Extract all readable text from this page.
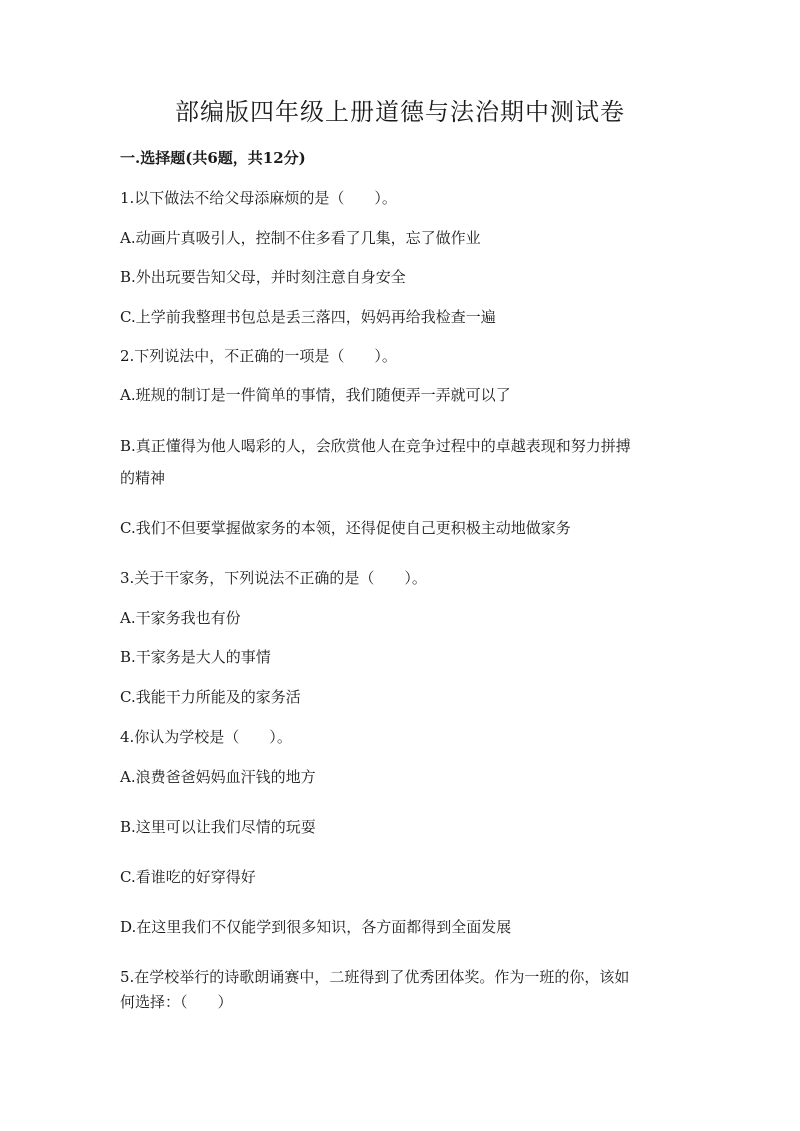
部编版四年级上册道德与法治期中测试卷
一.选择题(共6题，共12分)
1.以下做法不给父母添麻烦的是（　　）。
A.动画片真吸引人，控制不住多看了几集，忘了做作业
B.外出玩要告知父母，并时刻注意自身安全
C.上学前我整理书包总是丢三落四，妈妈再给我检查一遍
2.下列说法中，不正确的一项是（　　）。
A.班规的制订是一件简单的事情，我们随便弄一弄就可以了
B.真正懂得为他人喝彩的人，会欣赏他人在竞争过程中的卓越表现和努力拼搏
的精神
C.我们不但要掌握做家务的本领，还得促使自己更积极主动地做家务
3.关于干家务，下列说法不正确的是（　　）。
A.干家务我也有份
B.干家务是大人的事情
C.我能干力所能及的家务活
4.你认为学校是（　　）。
A.浪费爸爸妈妈血汗钱的地方
B.这里可以让我们尽情的玩耍
C.看谁吃的好穿得好
D.在这里我们不仅能学到很多知识，各方面都得到全面发展
5.在学校举行的诗歌朗诵赛中，二班得到了优秀团体奖。作为一班的你，该如
何选择：（　　）
